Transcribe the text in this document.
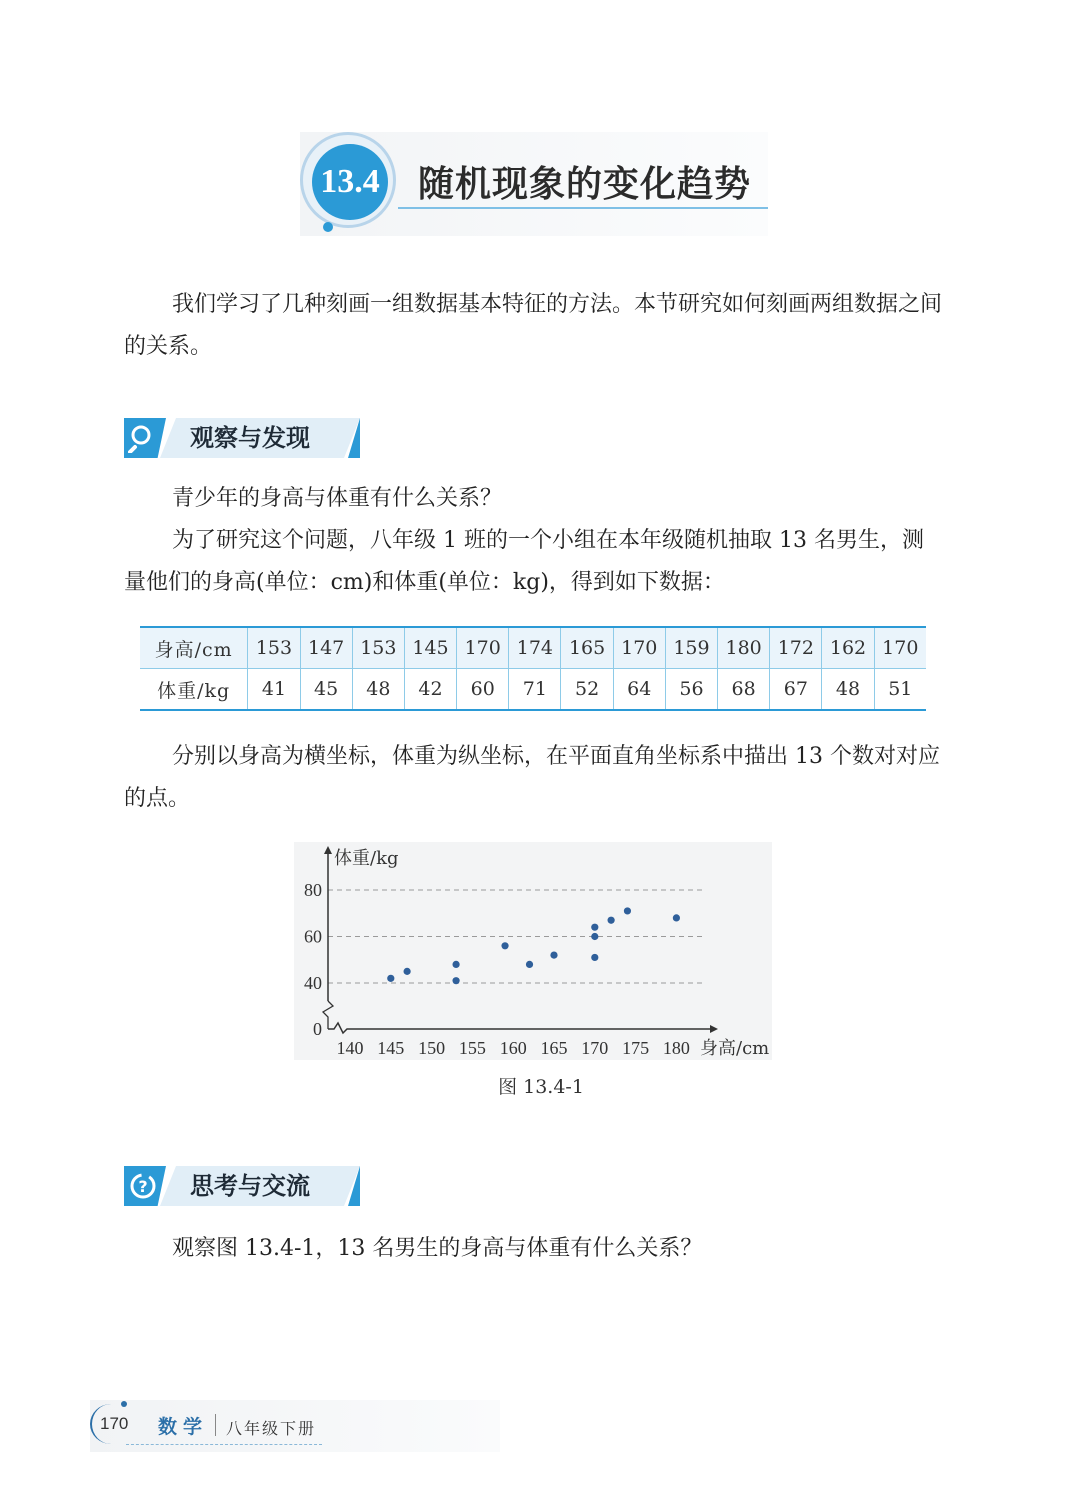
13.4 随机现象的变化趋势
我们学习了几种刻画一组数据基本特征的方法。本节研究如何刻画两组数据之间的关系。
观察与发现
青少年的身高与体重有什么关系？
为了研究这个问题，八年级 1 班的一个小组在本年级随机抽取 13 名男生，测量他们的身高(单位：cm)和体重(单位：kg)，得到如下数据：
身高/cm	153	147	153	145	170	174	165	170	159	180	172	162	170
体重/kg	41	45	48	42	60	71	52	64	56	68	67	48	51
分别以身高为横坐标，体重为纵坐标，在平面直角坐标系中描出 13 个数对对应的点。
0
40
60
80
140 145 150 155 160 165 170 175 180
体重/kg
身高/cm
图 13.4-1
? 思考与交流
观察图 13.4-1，13 名男生的身高与体重有什么关系？
170 数学 八年级下册
